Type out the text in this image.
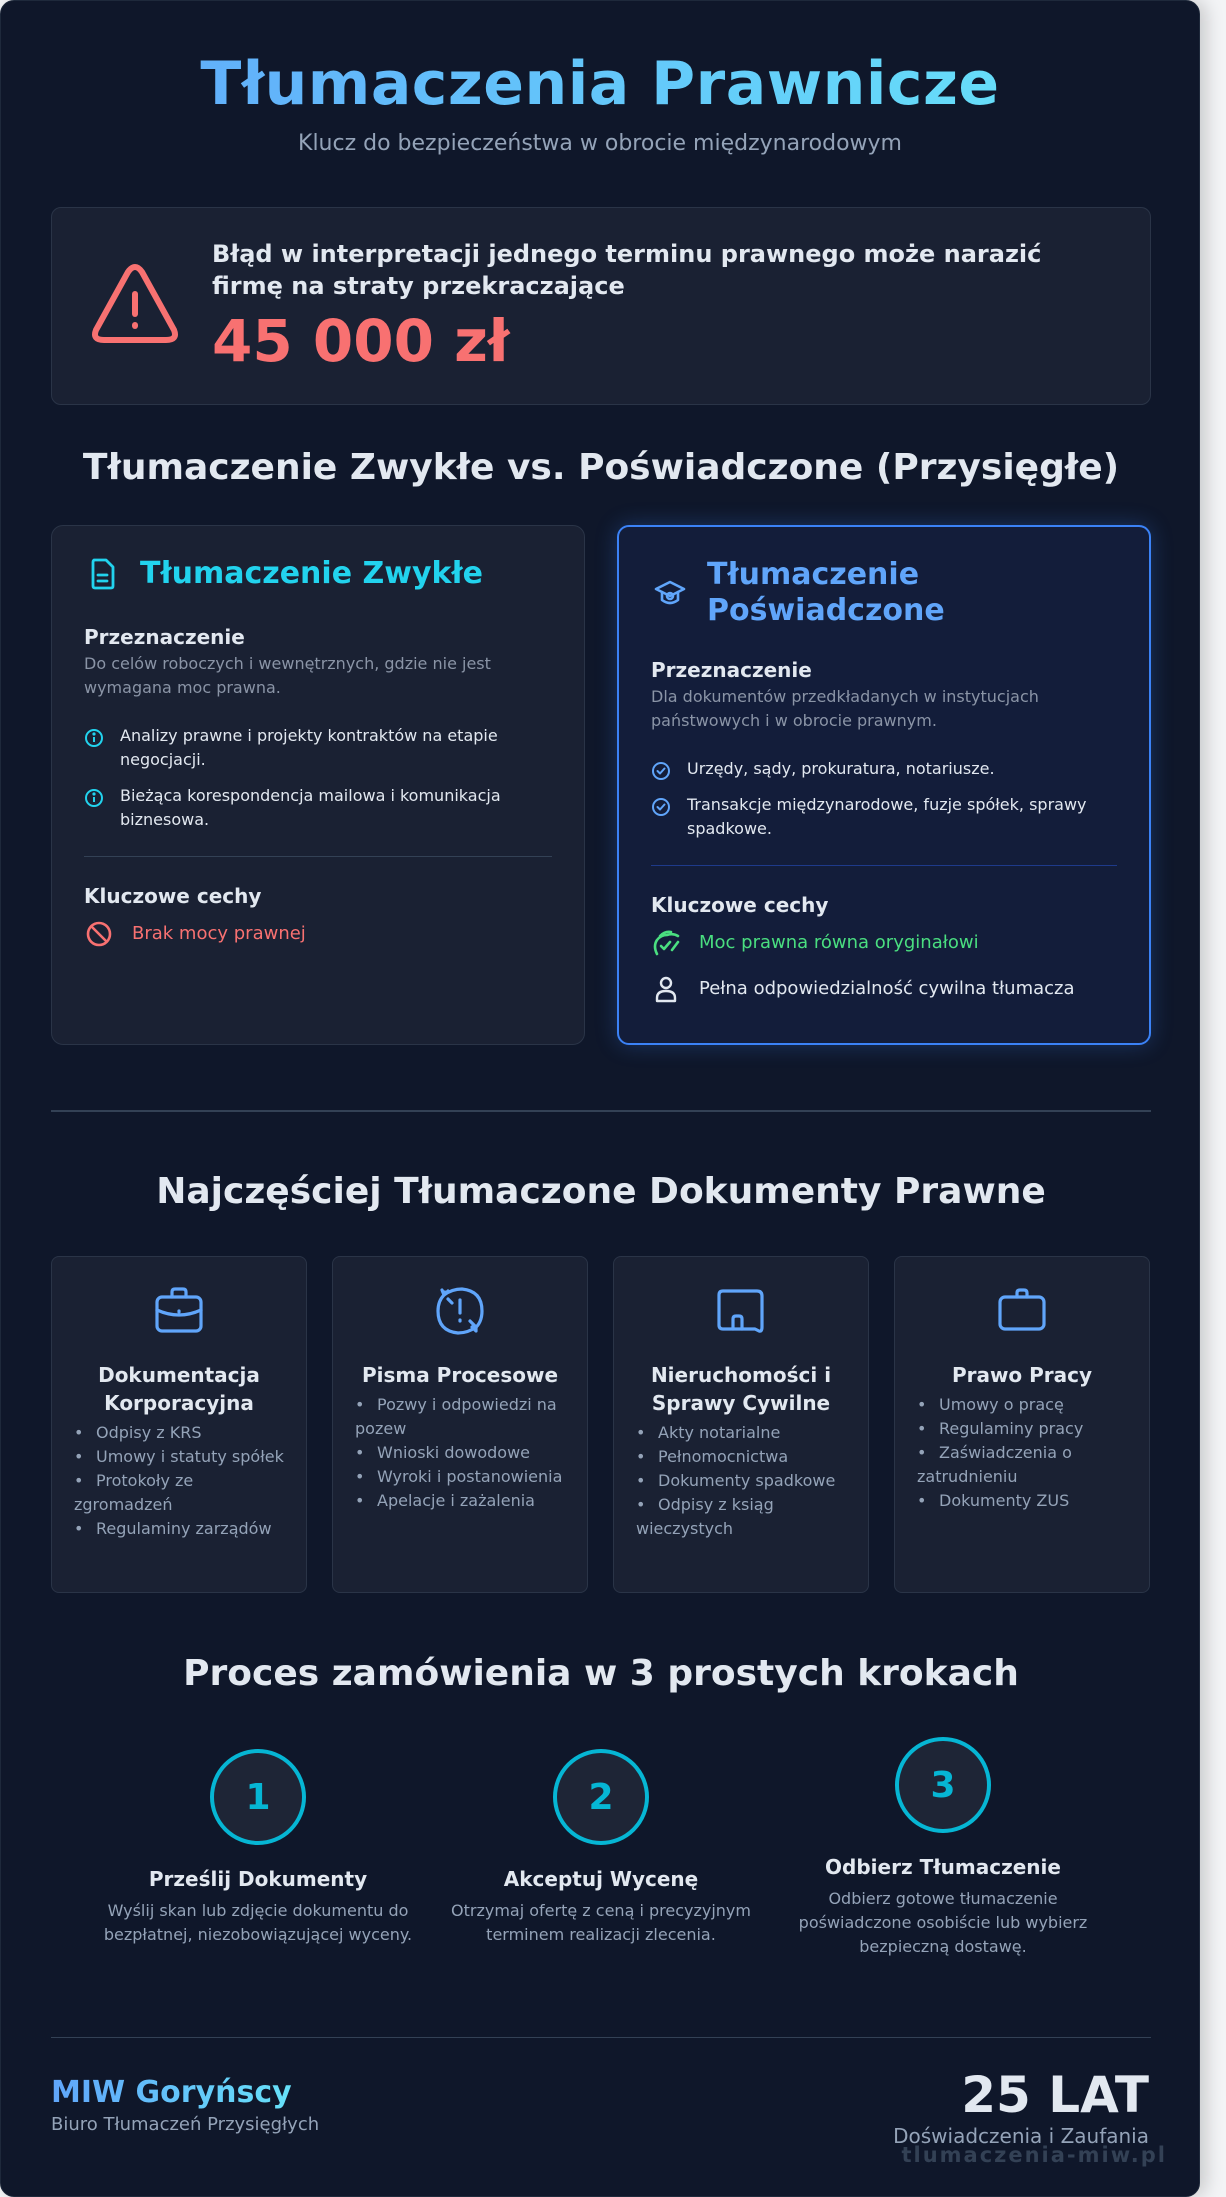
Tłumaczenia Prawnicze

Klucz do bezpieczeństwa w obrocie międzynarodowym

Błąd w interpretacji jednego terminu prawnego może narazić firmę na straty przekraczające
45 000 zł
Tłumaczenie Zwykłe vs. Poświadczone (Przysięgłe)
Tłumaczenie Zwykłe
Przeznaczenie
Do celów roboczych i wewnętrznych, gdzie nie jest wymagana moc prawna.
Analizy prawne i projekty kontraktów na etapie negocjacji.
Bieżąca korespondencja mailowa i komunikacja biznesowa.
Kluczowe cechy
Brak mocy prawnej
Tłumaczenie Poświadczone
Przeznaczenie
Dla dokumentów przedkładanych w instytucjach państwowych i w obrocie prawnym.
Urzędy, sądy, prokuratura, notariusze.
Transakcje międzynarodowe, fuzje spółek, sprawy spadkowe.
Kluczowe cechy
Moc prawna równa oryginałowi
Pełna odpowiedzialność cywilna tłumacza
Najczęściej Tłumaczone Dokumenty Prawne
Dokumentacja Korporacyjna
• Odpisy z KRS
• Umowy i statuty spółek
• Protokoły ze zgromadzeń
• Regulaminy zarządów
Pisma Procesowe
• Pozwy i odpowiedzi na pozew
• Wnioski dowodowe
• Wyroki i postanowienia
• Apelacje i zażalenia
Nieruchomości i Sprawy Cywilne
• Akty notarialne
• Pełnomocnictwa
• Dokumenty spadkowe
• Odpisy z ksiąg wieczystych
Prawo Pracy
• Umowy o pracę
• Regulaminy pracy
• Zaświadczenia o zatrudnieniu
• Dokumenty ZUS
Proces zamówienia w 3 prostych krokach
1
Prześlij Dokumenty
Wyślij skan lub zdjęcie dokumentu do bezpłatnej, niezobowiązującej wyceny.
2
Akceptuj Wycenę
Otrzymaj ofertę z ceną i precyzyjnym terminem realizacji zlecenia.
3
Odbierz Tłumaczenie
Odbierz gotowe tłumaczenie poświadczone osobiście lub wybierz bezpieczną dostawę.
MIW Goryńscy
Biuro Tłumaczeń Przysięgłych
25 LAT
Doświadczenia i Zaufania
tlumaczenia-miw.pl
